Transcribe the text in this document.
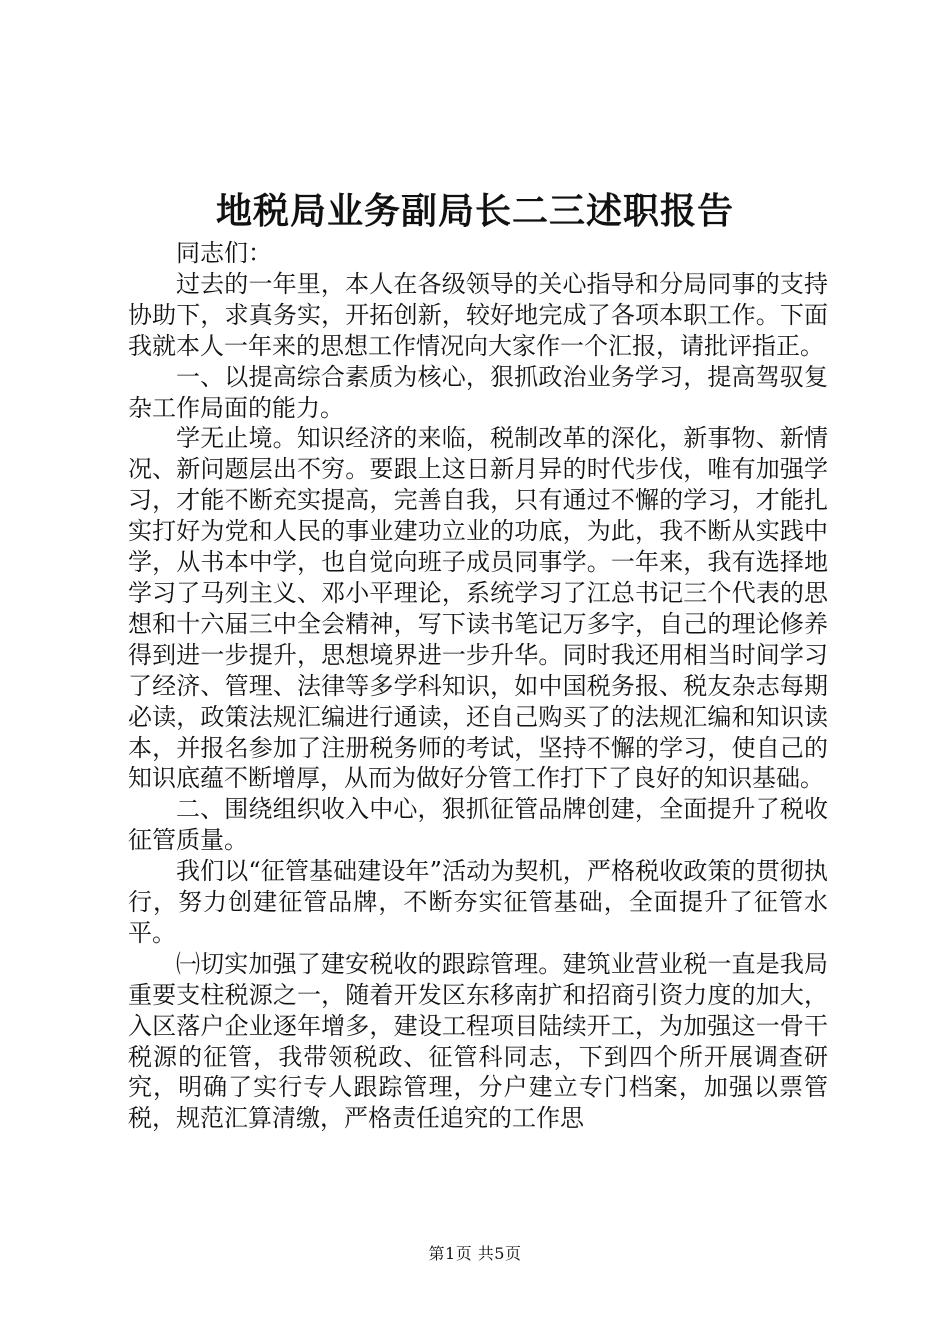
地税局业务副局长二三述职报告

同志们：

过去的一年里，本人在各级领导的关心指导和分局同事的支持协助下，求真务实，开拓创新，较好地完成了各项本职工作。下面我就本人一年来的思想工作情况向大家作一个汇报，请批评指正。

一、以提高综合素质为核心，狠抓政治业务学习，提高驾驭复杂工作局面的能力。

学无止境。知识经济的来临，税制改革的深化，新事物、新情况、新问题层出不穷。要跟上这日新月异的时代步伐，唯有加强学习，才能不断充实提高，完善自我，只有通过不懈的学习，才能扎实打好为党和人民的事业建功立业的功底，为此，我不断从实践中学，从书本中学，也自觉向班子成员同事学。一年来，我有选择地学习了马列主义、邓小平理论，系统学习了江总书记三个代表的思想和十六届三中全会精神，写下读书笔记万多字，自己的理论修养得到进一步提升，思想境界进一步升华。同时我还用相当时间学习了经济、管理、法律等多学科知识，如中国税务报、税友杂志每期必读，政策法规汇编进行通读，还自己购买了的法规汇编和知识读本，并报名参加了注册税务师的考试，坚持不懈的学习，使自己的知识底蕴不断增厚，从而为做好分管工作打下了良好的知识基础。

二、围绕组织收入中心，狠抓征管品牌创建，全面提升了税收征管质量。

我们以“征管基础建设年”活动为契机，严格税收政策的贯彻执行，努力创建征管品牌，不断夯实征管基础，全面提升了征管水平。

㈠切实加强了建安税收的跟踪管理。建筑业营业税一直是我局重要支柱税源之一，随着开发区东移南扩和招商引资力度的加大，入区落户企业逐年增多，建设工程项目陆续开工，为加强这一骨干税源的征管，我带领税政、征管科同志，下到四个所开展调查研究，明确了实行专人跟踪管理，分户建立专门档案，加强以票管税，规范汇算清缴，严格责任追究的工作思

第1页 共5页
